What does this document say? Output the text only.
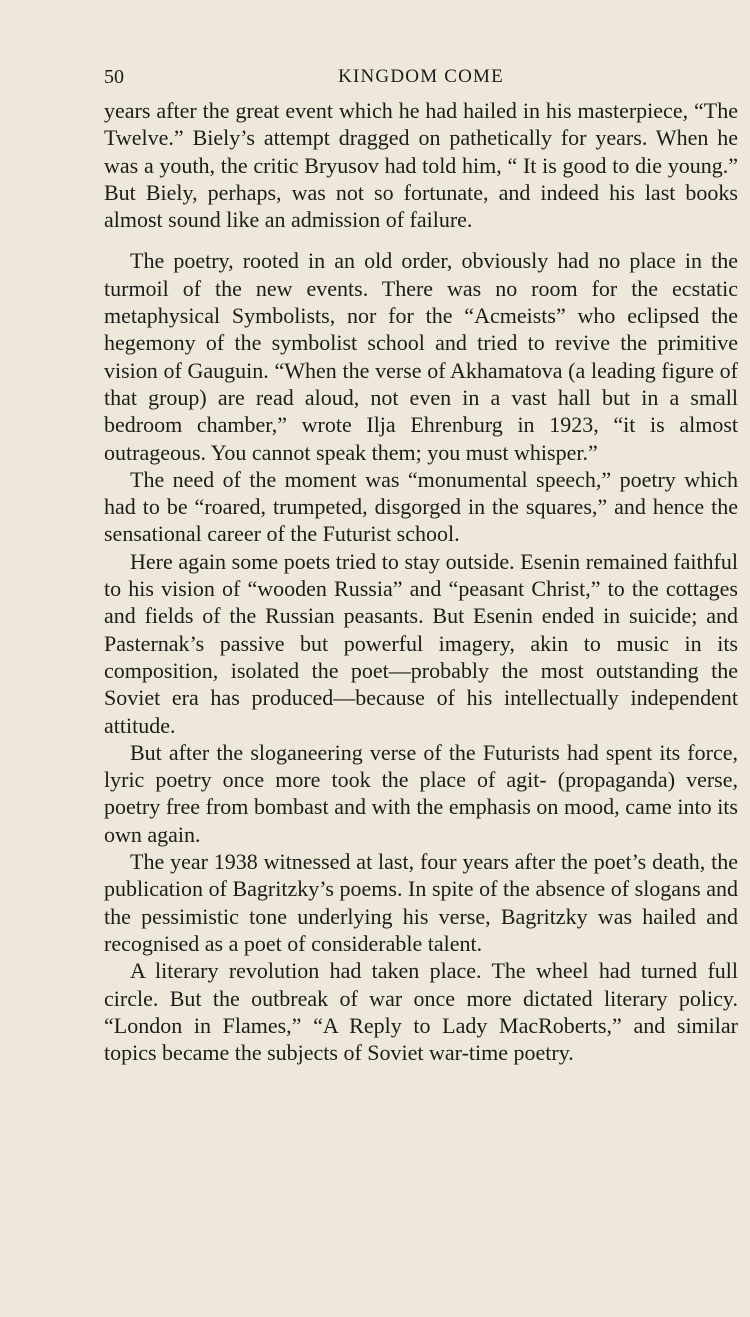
50	KINGDOM COME

years after the great event which he had hailed in his masterpiece, “The Twelve.” Biely’s attempt dragged on pathetically for years. When he was a youth, the critic Bryusov had told him, “ It is good to die young.” But Biely, perhaps, was not so fortunate, and indeed his last books almost sound like an admission of failure.

The poetry, rooted in an old order, obviously had no place in the turmoil of the new events. There was no room for the ecstatic metaphysical Symbolists, nor for the “Acmeists” who eclipsed the hegemony of the symbolist school and tried to revive the primitive vision of Gauguin. “When the verse of Akhamatova (a leading figure of that group) are read aloud, not even in a vast hall but in a small bedroom chamber,” wrote Ilja Ehrenburg in 1923, “it is almost outrageous. You cannot speak them; you must whisper.”

The need of the moment was “monumental speech,” poetry which had to be “roared, trumpeted, disgorged in the squares,” and hence the sensational career of the Futurist school.

Here again some poets tried to stay outside. Esenin remained faithful to his vision of “wooden Russia” and “peasant Christ,” to the cottages and fields of the Russian peasants. But Esenin ended in suicide; and Pasternak’s passive but powerful imagery, akin to music in its composition, isolated the poet—probably the most outstanding the Soviet era has produced—because of his intellectually independent attitude.

But after the sloganeering verse of the Futurists had spent its force, lyric poetry once more took the place of agit- (propaganda) verse, poetry free from bombast and with the emphasis on mood, came into its own again.

The year 1938 witnessed at last, four years after the poet’s death, the publication of Bagritzky’s poems. In spite of the absence of slogans and the pessimistic tone underlying his verse, Bagritzky was hailed and recognised as a poet of considerable talent.

A literary revolution had taken place. The wheel had turned full circle. But the outbreak of war once more dictated literary policy. “London in Flames,” “A Reply to Lady MacRoberts,” and similar topics became the subjects of Soviet war-time poetry.
